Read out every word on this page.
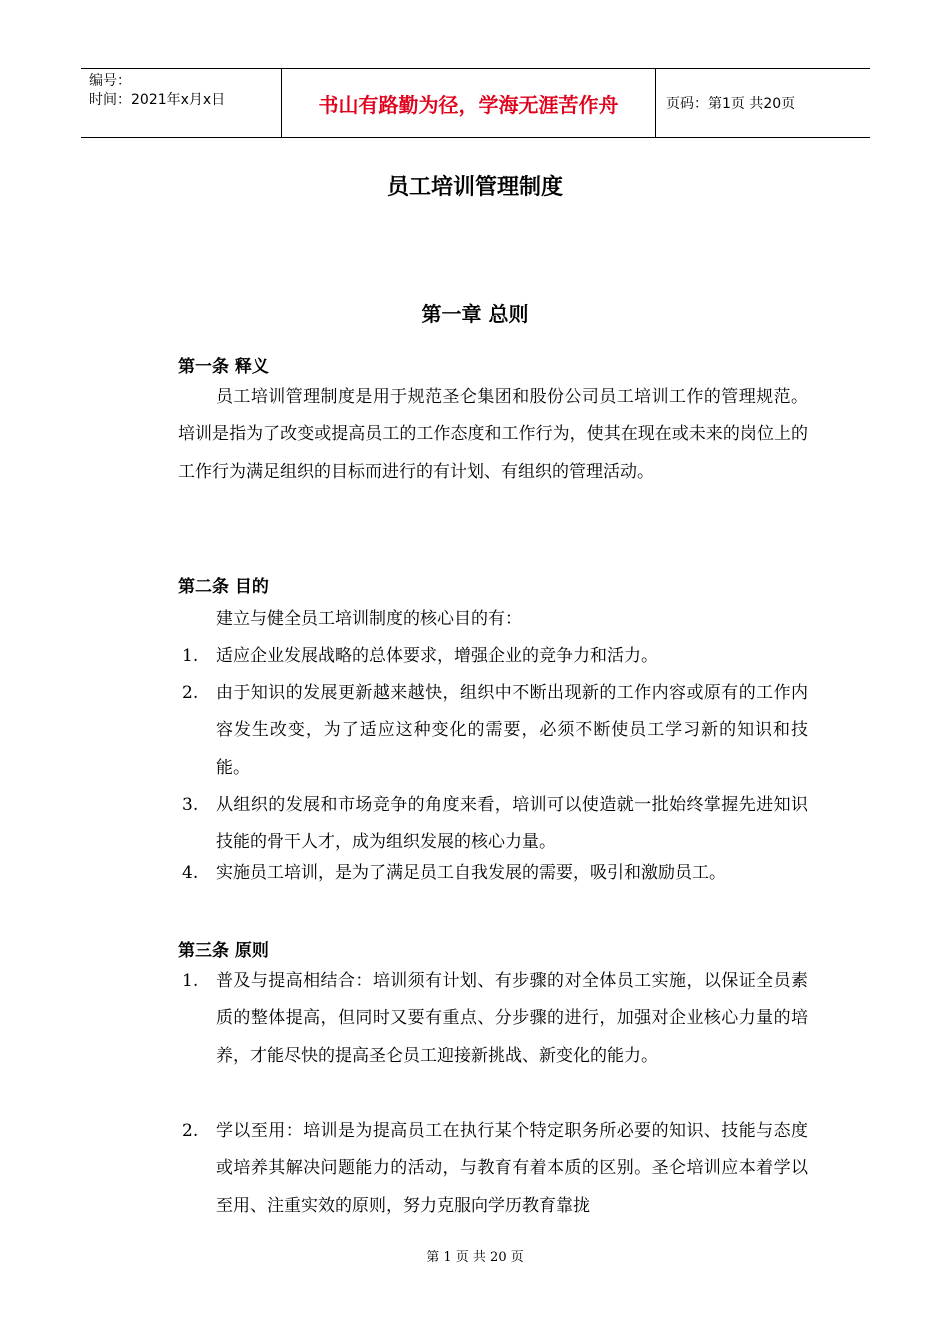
编号：
时间：2021年x月x日	书山有路勤为径，学海无涯苦作舟	页码：第1页 共20页
员工培训管理制度
第一章 总则
第一条 释义
员工培训管理制度是用于规范圣仑集团和股份公司员工培训工作的管理规范。培训是指为了改变或提高员工的工作态度和工作行为，使其在现在或未来的岗位上的工作行为满足组织的目标而进行的有计划、有组织的管理活动。
第二条 目的
建立与健全员工培训制度的核心目的有：
1. 适应企业发展战略的总体要求，增强企业的竞争力和活力。
2. 由于知识的发展更新越来越快，组织中不断出现新的工作内容或原有的工作内容发生改变，为了适应这种变化的需要，必须不断使员工学习新的知识和技能。
3. 从组织的发展和市场竞争的角度来看，培训可以使造就一批始终掌握先进知识技能的骨干人才，成为组织发展的核心力量。
4. 实施员工培训，是为了满足员工自我发展的需要，吸引和激励员工。
第三条 原则
1. 普及与提高相结合：培训须有计划、有步骤的对全体员工实施，以保证全员素质的整体提高，但同时又要有重点、分步骤的进行，加强对企业核心力量的培养，才能尽快的提高圣仑员工迎接新挑战、新变化的能力。
2. 学以至用：培训是为提高员工在执行某个特定职务所必要的知识、技能与态度或培养其解决问题能力的活动，与教育有着本质的区别。圣仑培训应本着学以至用、注重实效的原则，努力克服向学历教育靠拢
第 1 页 共 20 页
